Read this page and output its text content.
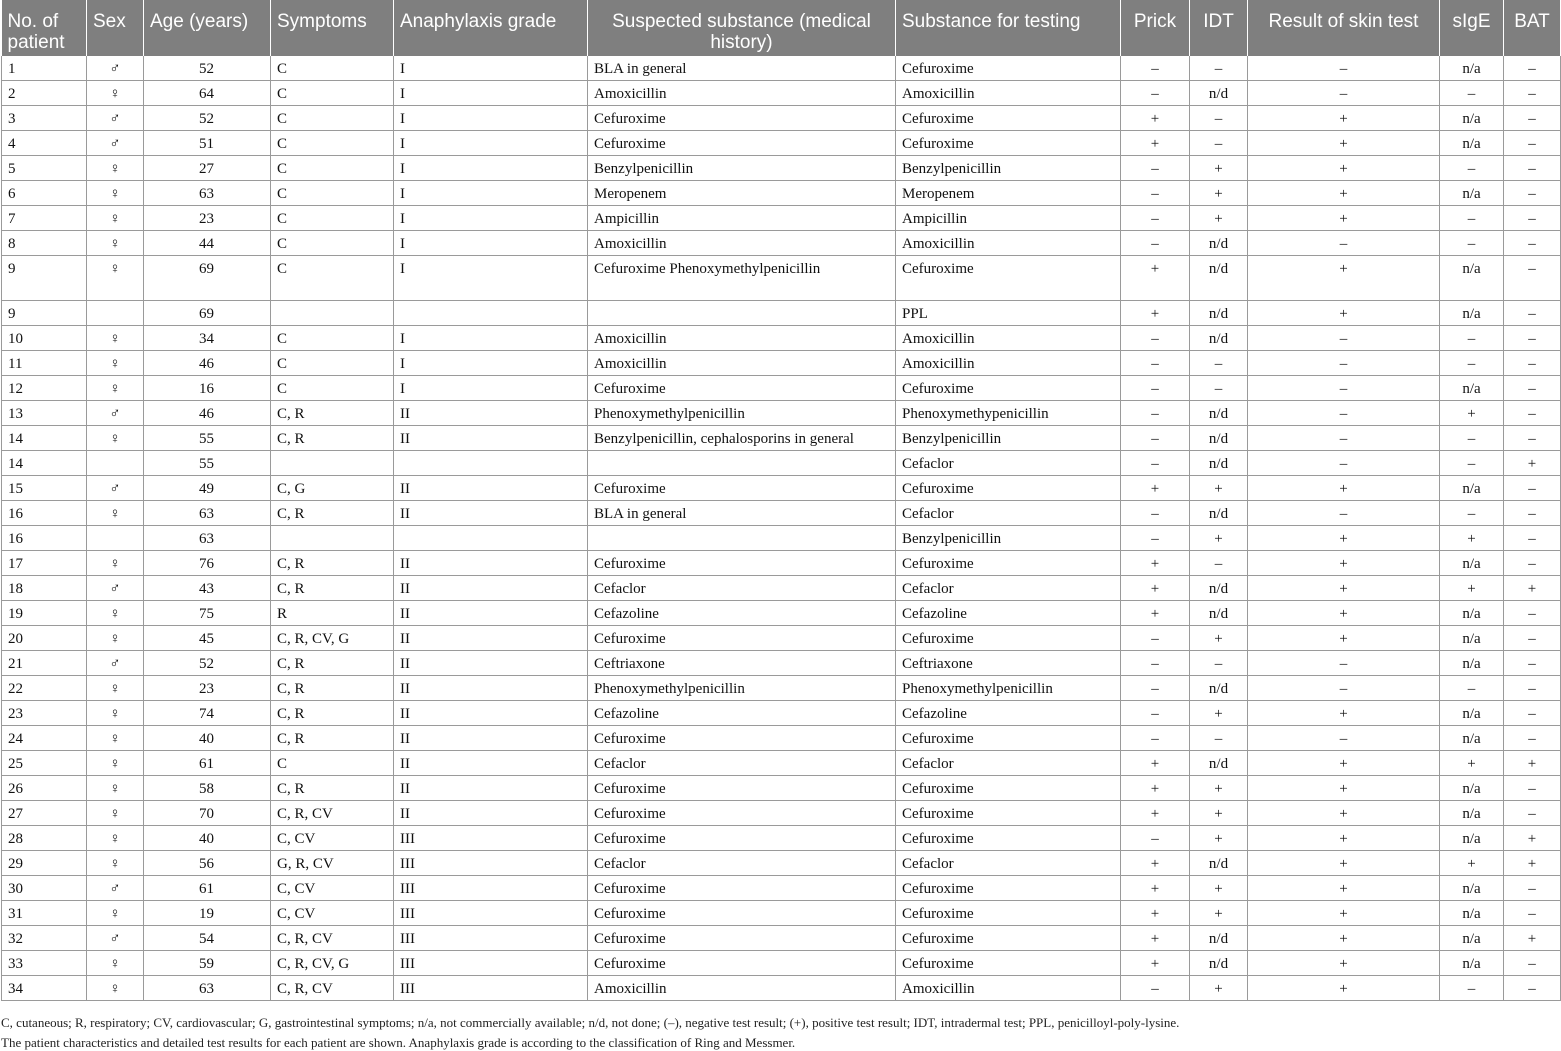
No. of patient	Sex	Age (years)	Symptoms	Anaphylaxis grade	Suspected substance (medical history)	Substance for testing	Prick	IDT	Result of skin test	sIgE	BAT
1	♂	52	C	I	BLA in general	Cefuroxime	–	–	–	n/a	–
2	♀	64	C	I	Amoxicillin	Amoxicillin	–	n/d	–	–	–
3	♂	52	C	I	Cefuroxime	Cefuroxime	+	–	+	n/a	–
4	♂	51	C	I	Cefuroxime	Cefuroxime	+	–	+	n/a	–
5	♀	27	C	I	Benzylpenicillin	Benzylpenicillin	–	+	+	–	–
6	♀	63	C	I	Meropenem	Meropenem	–	+	+	n/a	–
7	♀	23	C	I	Ampicillin	Ampicillin	–	+	+	–	–
8	♀	44	C	I	Amoxicillin	Amoxicillin	–	n/d	–	–	–
9	♀	69	C	I	Cefuroxime Phenoxymethylpenicillin	Cefuroxime	+	n/d	+	n/a	–
9		69				PPL	+	n/d	+	n/a	–
10	♀	34	C	I	Amoxicillin	Amoxicillin	–	n/d	–	–	–
11	♀	46	C	I	Amoxicillin	Amoxicillin	–	–	–	–	–
12	♀	16	C	I	Cefuroxime	Cefuroxime	–	–	–	n/a	–
13	♂	46	C, R	II	Phenoxymethylpenicillin	Phenoxymethypenicillin	–	n/d	–	+	–
14	♀	55	C, R	II	Benzylpenicillin, cephalosporins in general	Benzylpenicillin	–	n/d	–	–	–
14		55				Cefaclor	–	n/d	–	–	+
15	♂	49	C, G	II	Cefuroxime	Cefuroxime	+	+	+	n/a	–
16	♀	63	C, R	II	BLA in general	Cefaclor	–	n/d	–	–	–
16		63				Benzylpenicillin	–	+	+	+	–
17	♀	76	C, R	II	Cefuroxime	Cefuroxime	+	–	+	n/a	–
18	♂	43	C, R	II	Cefaclor	Cefaclor	+	n/d	+	+	+
19	♀	75	R	II	Cefazoline	Cefazoline	+	n/d	+	n/a	–
20	♀	45	C, R, CV, G	II	Cefuroxime	Cefuroxime	–	+	+	n/a	–
21	♂	52	C, R	II	Ceftriaxone	Ceftriaxone	–	–	–	n/a	–
22	♀	23	C, R	II	Phenoxymethylpenicillin	Phenoxymethylpenicillin	–	n/d	–	–	–
23	♀	74	C, R	II	Cefazoline	Cefazoline	–	+	+	n/a	–
24	♀	40	C, R	II	Cefuroxime	Cefuroxime	–	–	–	n/a	–
25	♀	61	C	II	Cefaclor	Cefaclor	+	n/d	+	+	+
26	♀	58	C, R	II	Cefuroxime	Cefuroxime	+	+	+	n/a	–
27	♀	70	C, R, CV	II	Cefuroxime	Cefuroxime	+	+	+	n/a	–
28	♀	40	C, CV	III	Cefuroxime	Cefuroxime	–	+	+	n/a	+
29	♀	56	G, R, CV	III	Cefaclor	Cefaclor	+	n/d	+	+	+
30	♂	61	C, CV	III	Cefuroxime	Cefuroxime	+	+	+	n/a	–
31	♀	19	C, CV	III	Cefuroxime	Cefuroxime	+	+	+	n/a	–
32	♂	54	C, R, CV	III	Cefuroxime	Cefuroxime	+	n/d	+	n/a	+
33	♀	59	C, R, CV, G	III	Cefuroxime	Cefuroxime	+	n/d	+	n/a	–
34	♀	63	C, R, CV	III	Amoxicillin	Amoxicillin	–	+	+	–	–
C, cutaneous; R, respiratory; CV, cardiovascular; G, gastrointestinal symptoms; n/a, not commercially available; n/d, not done; (–), negative test result; (+), positive test result; IDT, intradermal test; PPL, penicilloyl-poly-lysine.
The patient characteristics and detailed test results for each patient are shown. Anaphylaxis grade is according to the classification of Ring and Messmer.
